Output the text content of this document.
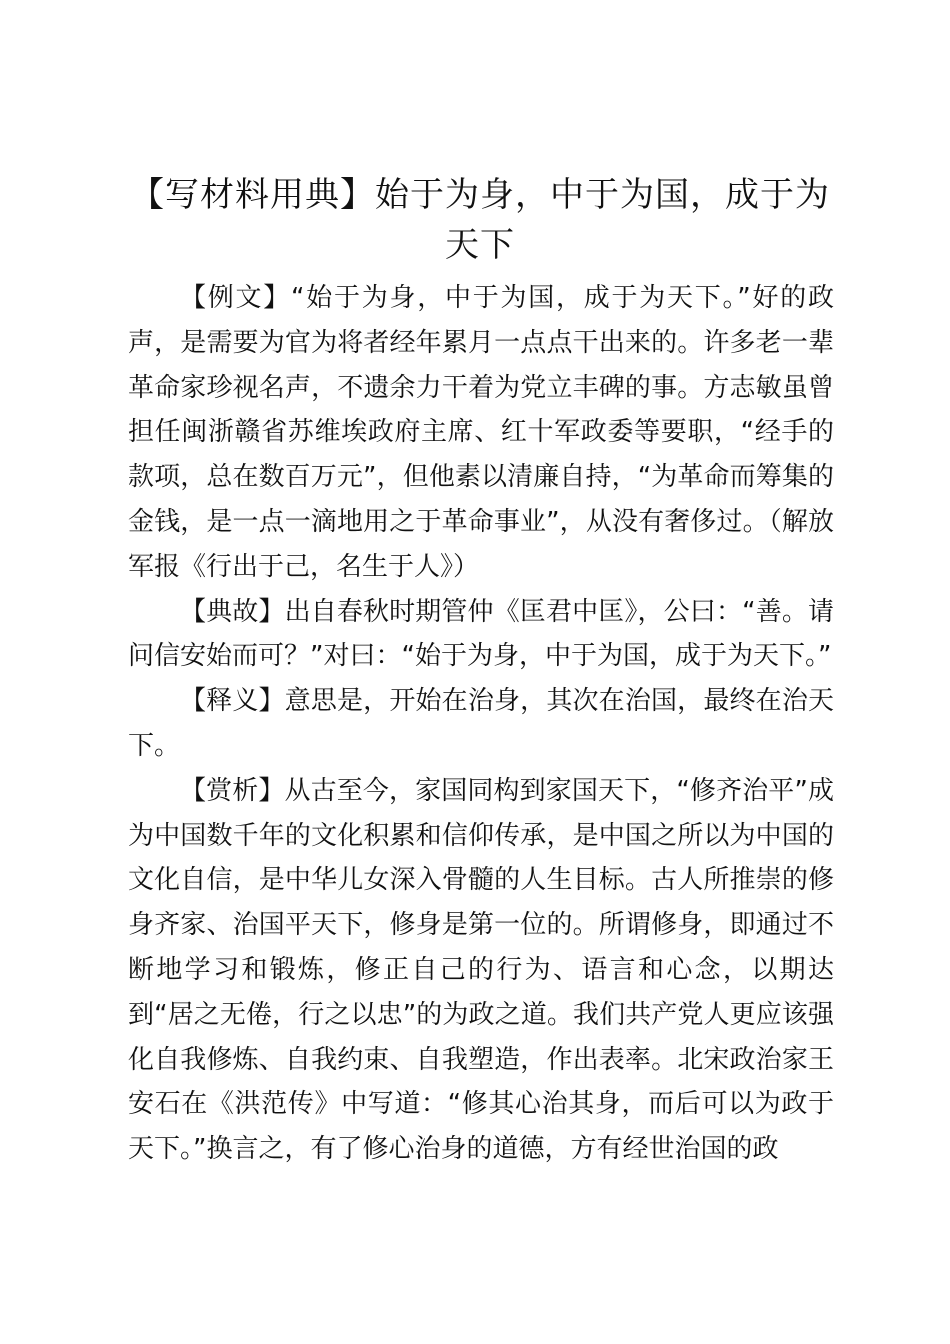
【写材料用典】始于为身，中于为国，成于为天下

【例文】“始于为身，中于为国，成于为天下。”好的政声，是需要为官为将者经年累月一点点干出来的。许多老一辈革命家珍视名声，不遗余力干着为党立丰碑的事。方志敏虽曾担任闽浙赣省苏维埃政府主席、红十军政委等要职，“经手的款项，总在数百万元”，但他素以清廉自持，“为革命而筹集的金钱，是一点一滴地用之于革命事业”，从没有奢侈过。（解放军报《行出于己，名生于人》）

【典故】出自春秋时期管仲《匡君中匡》，公曰：“善。请问信安始而可？”对曰：“始于为身，中于为国，成于为天下。”

【释义】意思是，开始在治身，其次在治国，最终在治天下。

【赏析】从古至今，家国同构到家国天下，“修齐治平”成为中国数千年的文化积累和信仰传承，是中国之所以为中国的文化自信，是中华儿女深入骨髓的人生目标。古人所推崇的修身齐家、治国平天下，修身是第一位的。所谓修身，即通过不断地学习和锻炼，修正自己的行为、语言和心念，以期达到“居之无倦，行之以忠”的为政之道。我们共产党人更应该强化自我修炼、自我约束、自我塑造，作出表率。北宋政治家王安石在《洪范传》中写道：“修其心治其身，而后可以为政于天下。”换言之，有了修心治身的道德，方有经世治国的政
